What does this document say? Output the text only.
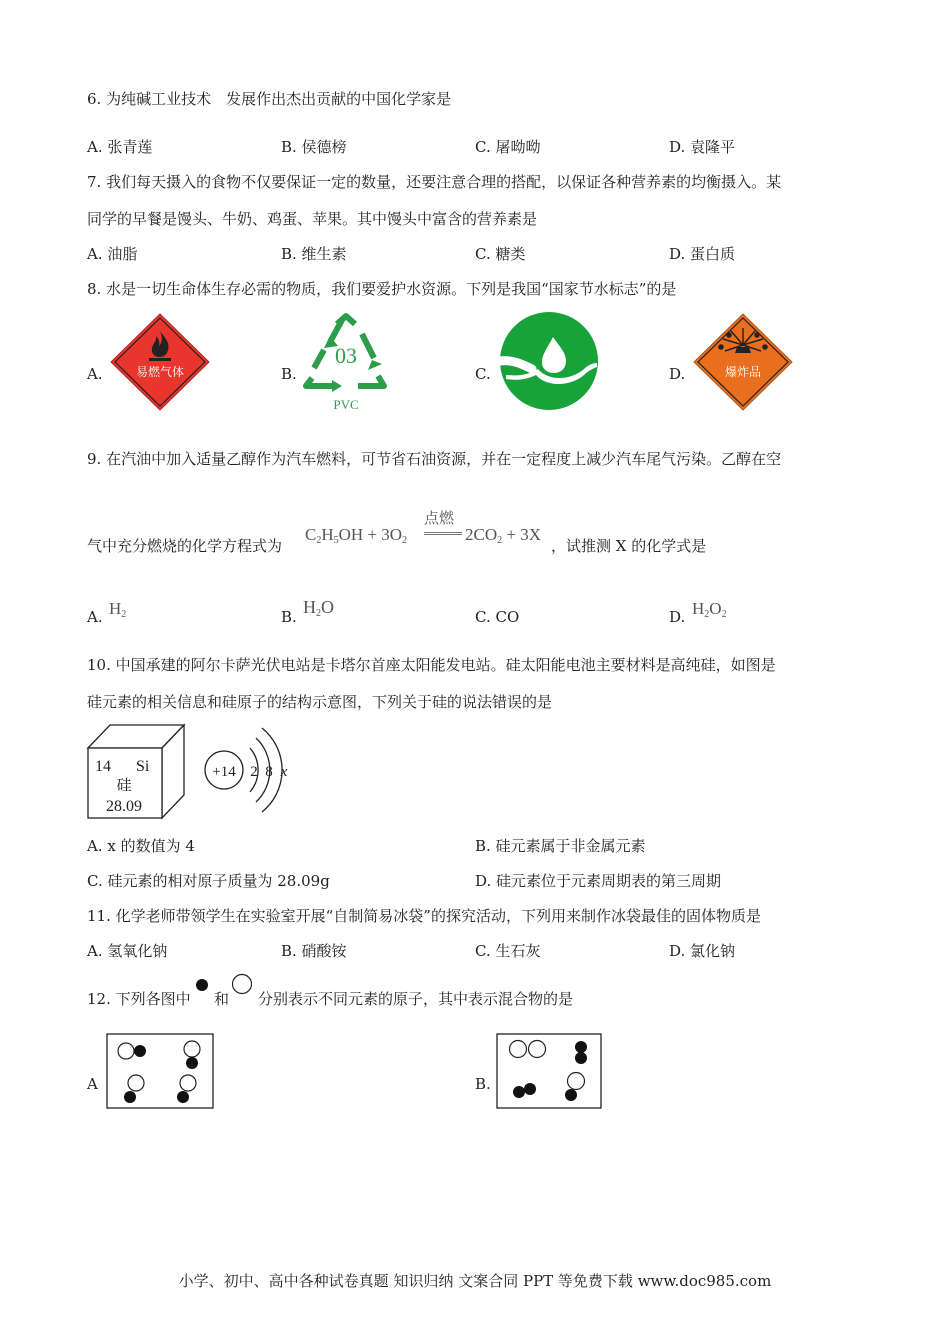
6. 为纯碱工业技术　发展作出杰出贡献的中国化学家是
A. 张青莲	B. 侯德榜	C. 屠呦呦	D. 袁隆平
7. 我们每天摄入的食物不仅要保证一定的数量，还要注意合理的搭配，以保证各种营养素的均衡摄入。某
同学的早餐是馒头、牛奶、鸡蛋、苹果。其中馒头中富含的营养素是
A. 油脂	B. 维生素	C. 糖类	D. 蛋白质
8. 水是一切生命体生存必需的物质，我们要爱护水资源。下列是我国“国家节水标志”的是
A.	B.	C.	D.
易燃气体
03
PVC
爆炸品
9. 在汽油中加入适量乙醇作为汽车燃料，可节省石油资源，并在一定程度上减少汽车尾气污染。乙醇在空
气中充分燃烧的化学方程式为
$C_2H_5OH + 3O_2$
点燃
$2CO_2 + 3X$
，试推测 X 的化学式是
A. $H_2$	B. $H_2O$	C. CO	D. $H_2O_2$
10. 中国承建的阿尔卡萨光伏电站是卡塔尔首座太阳能发电站。硅太阳能电池主要材料是高纯硅，如图是
硅元素的相关信息和硅原子的结构示意图，下列关于硅的说法错误的是
14 Si
硅
28.09
+14 2 8 x
A. x 的数值为 4	B. 硅元素属于非金属元素
C. 硅元素的相对原子质量为 28.09g	D. 硅元素位于元素周期表的第三周期
11. 化学老师带领学生在实验室开展“自制简易冰袋”的探究活动，下列用来制作冰袋最佳的固体物质是
A. 氢氧化钠	B. 硝酸铵	C. 生石灰	D. 氯化钠
12. 下列各图中 和 分别表示不同元素的原子，其中表示混合物的是
A	B.
小学、初中、高中各种试卷真题 知识归纳 文案合同 PPT 等免费下载 www.doc985.com
